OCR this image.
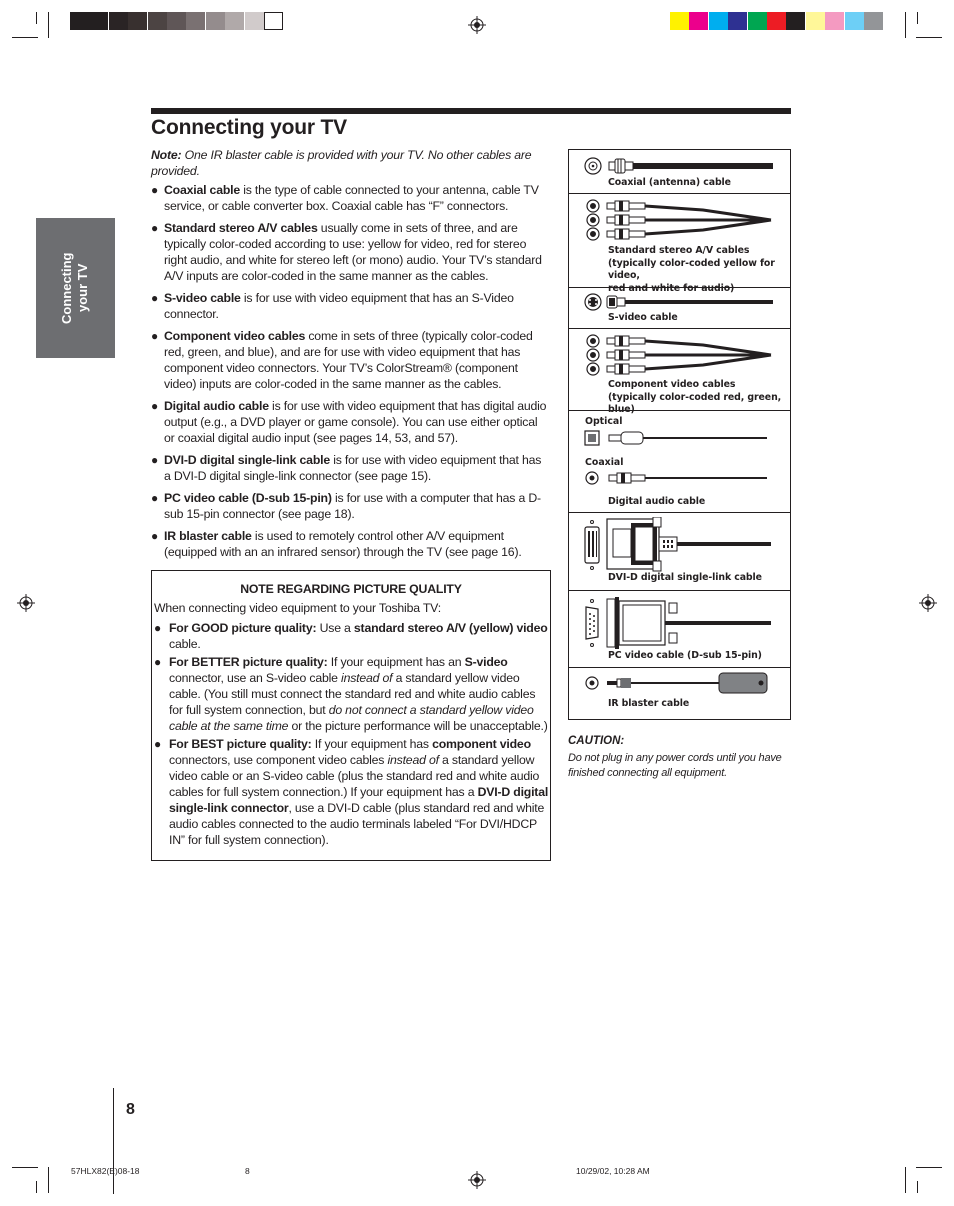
Connecting your TV
Connecting your TV
Note: One IR blaster cable is provided with your TV. No other cables are provided.
● Coaxial cable is the type of cable connected to your antenna, cable TV service, or cable converter box. Coaxial cable has “F” connectors.
● Standard stereo A/V cables usually come in sets of three, and are typically color-coded according to use: yellow for video, red for stereo right audio, and white for stereo left (or mono) audio. Your TV’s standard A/V inputs are color-coded in the same manner as the cables.
● S-video cable is for use with video equipment that has an S-Video connector.
● Component video cables come in sets of three (typically color-coded red, green, and blue), and are for use with video equipment that has component video connectors. Your TV’s ColorStream® (component video) inputs are color-coded in the same manner as the cables.
● Digital audio cable is for use with video equipment that has digital audio output (e.g., a DVD player or game console). You can use either optical or coaxial digital audio input (see pages 14, 53, and 57).
● DVI-D digital single-link cable is for use with video equipment that has a DVI-D digital single-link connector (see page 15).
● PC video cable (D-sub 15-pin) is for use with a computer that has a D-sub 15-pin connector (see page 18).
● IR blaster cable is used to remotely control other A/V equipment (equipped with an an infrared sensor) through the TV (see page 16).
NOTE REGARDING PICTURE QUALITY
When connecting video equipment to your Toshiba TV:
● For GOOD picture quality: Use a standard stereo A/V (yellow) video cable.
● For BETTER picture quality: If your equipment has an S-video connector, use an S-video cable instead of a standard yellow video cable. (You still must connect the standard red and white audio cables for full system connection, but do not connect a standard yellow video cable at the same time or the picture performance will be unacceptable.)
● For BEST picture quality: If your equipment has component video connectors, use component video cables instead of a standard yellow video cable or an S-video cable (plus the standard red and white audio cables for full system connection.) If your equipment has a DVI-D digital single-link connector, use a DVI-D cable (plus standard red and white audio cables connected to the audio terminals labeled “For DVI/HDCP IN” for full system connection).
Coaxial (antenna) cable
Standard stereo A/V cables
(typically color-coded yellow for video,
red and white for audio)
S-video cable
Component video cables
(typically color-coded red, green, blue)
Optical
Coaxial
Digital audio cable
DVI-D digital single-link cable
PC video cable (D-sub 15-pin)
IR blaster cable
CAUTION:
Do not plug in any power cords until you have finished connecting all equipment.
8
57HLX82(E)08-18	8	10/29/02, 10:28 AM
